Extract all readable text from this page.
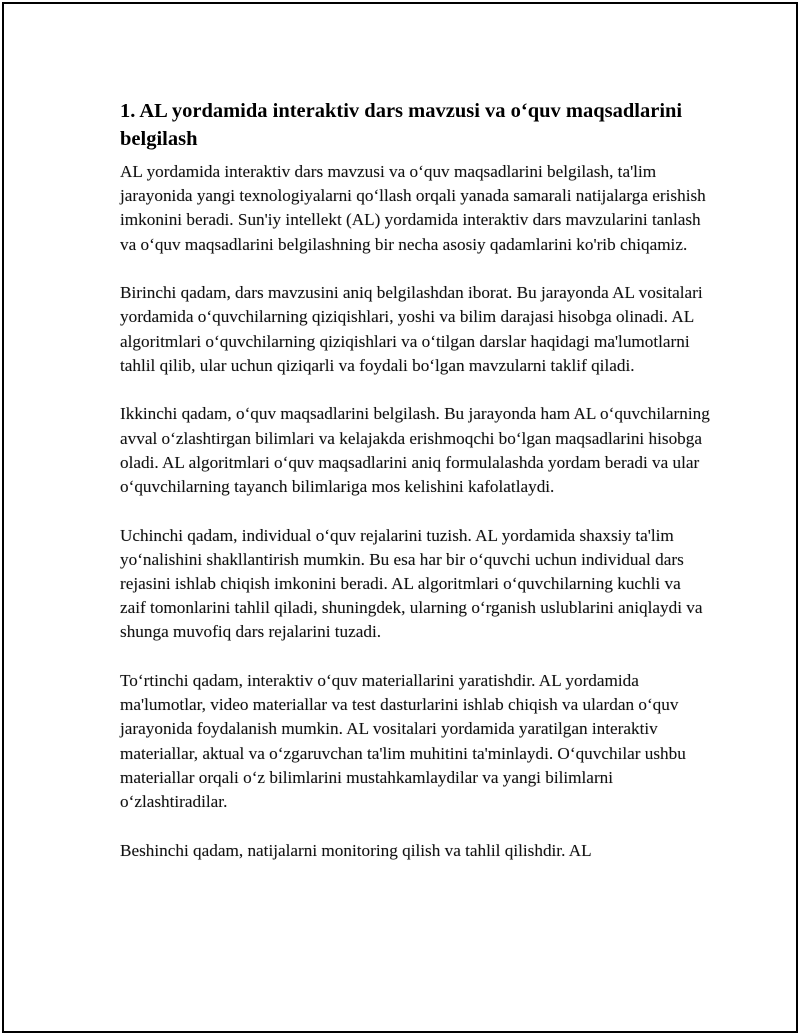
1. AL yordamida interaktiv dars mavzusi va o‘quv maqsadlarini belgilash

AL yordamida interaktiv dars mavzusi va o‘quv maqsadlarini belgilash, ta'lim jarayonida yangi texnologiyalarni qo‘llash orqali yanada samarali natijalarga erishish imkonini beradi. Sun'iy intellekt (AL) yordamida interaktiv dars mavzularini tanlash va o‘quv maqsadlarini belgilashning bir necha asosiy qadamlarini ko'rib chiqamiz.

Birinchi qadam, dars mavzusini aniq belgilashdan iborat. Bu jarayonda AL vositalari yordamida o‘quvchilarning qiziqishlari, yoshi va bilim darajasi hisobga olinadi. AL algoritmlari o‘quvchilarning qiziqishlari va o‘tilgan darslar haqidagi ma'lumotlarni tahlil qilib, ular uchun qiziqarli va foydali bo‘lgan mavzularni taklif qiladi.

Ikkinchi qadam, o‘quv maqsadlarini belgilash. Bu jarayonda ham AL o‘quvchilarning avval o‘zlashtirgan bilimlari va kelajakda erishmoqchi bo‘lgan maqsadlarini hisobga oladi. AL algoritmlari o‘quv maqsadlarini aniq formulalashda yordam beradi va ular o‘quvchilarning tayanch bilimlariga mos kelishini kafolatlaydi.

Uchinchi qadam, individual o‘quv rejalarini tuzish. AL yordamida shaxsiy ta'lim yo‘nalishini shakllantirish mumkin. Bu esa har bir o‘quvchi uchun individual dars rejasini ishlab chiqish imkonini beradi. AL algoritmlari o‘quvchilarning kuchli va zaif tomonlarini tahlil qiladi, shuningdek, ularning o‘rganish uslublarini aniqlaydi va shunga muvofiq dars rejalarini tuzadi.

To‘rtinchi qadam, interaktiv o‘quv materiallarini yaratishdir. AL yordamida ma'lumotlar, video materiallar va test dasturlarini ishlab chiqish va ulardan o‘quv jarayonida foydalanish mumkin. AL vositalari yordamida yaratilgan interaktiv materiallar, aktual va o‘zgaruvchan ta'lim muhitini ta'minlaydi. O‘quvchilar ushbu materiallar orqali o‘z bilimlarini mustahkamlaydilar va yangi bilimlarni o‘zlashtiradilar.

Beshinchi qadam, natijalarni monitoring qilish va tahlil qilishdir. AL
